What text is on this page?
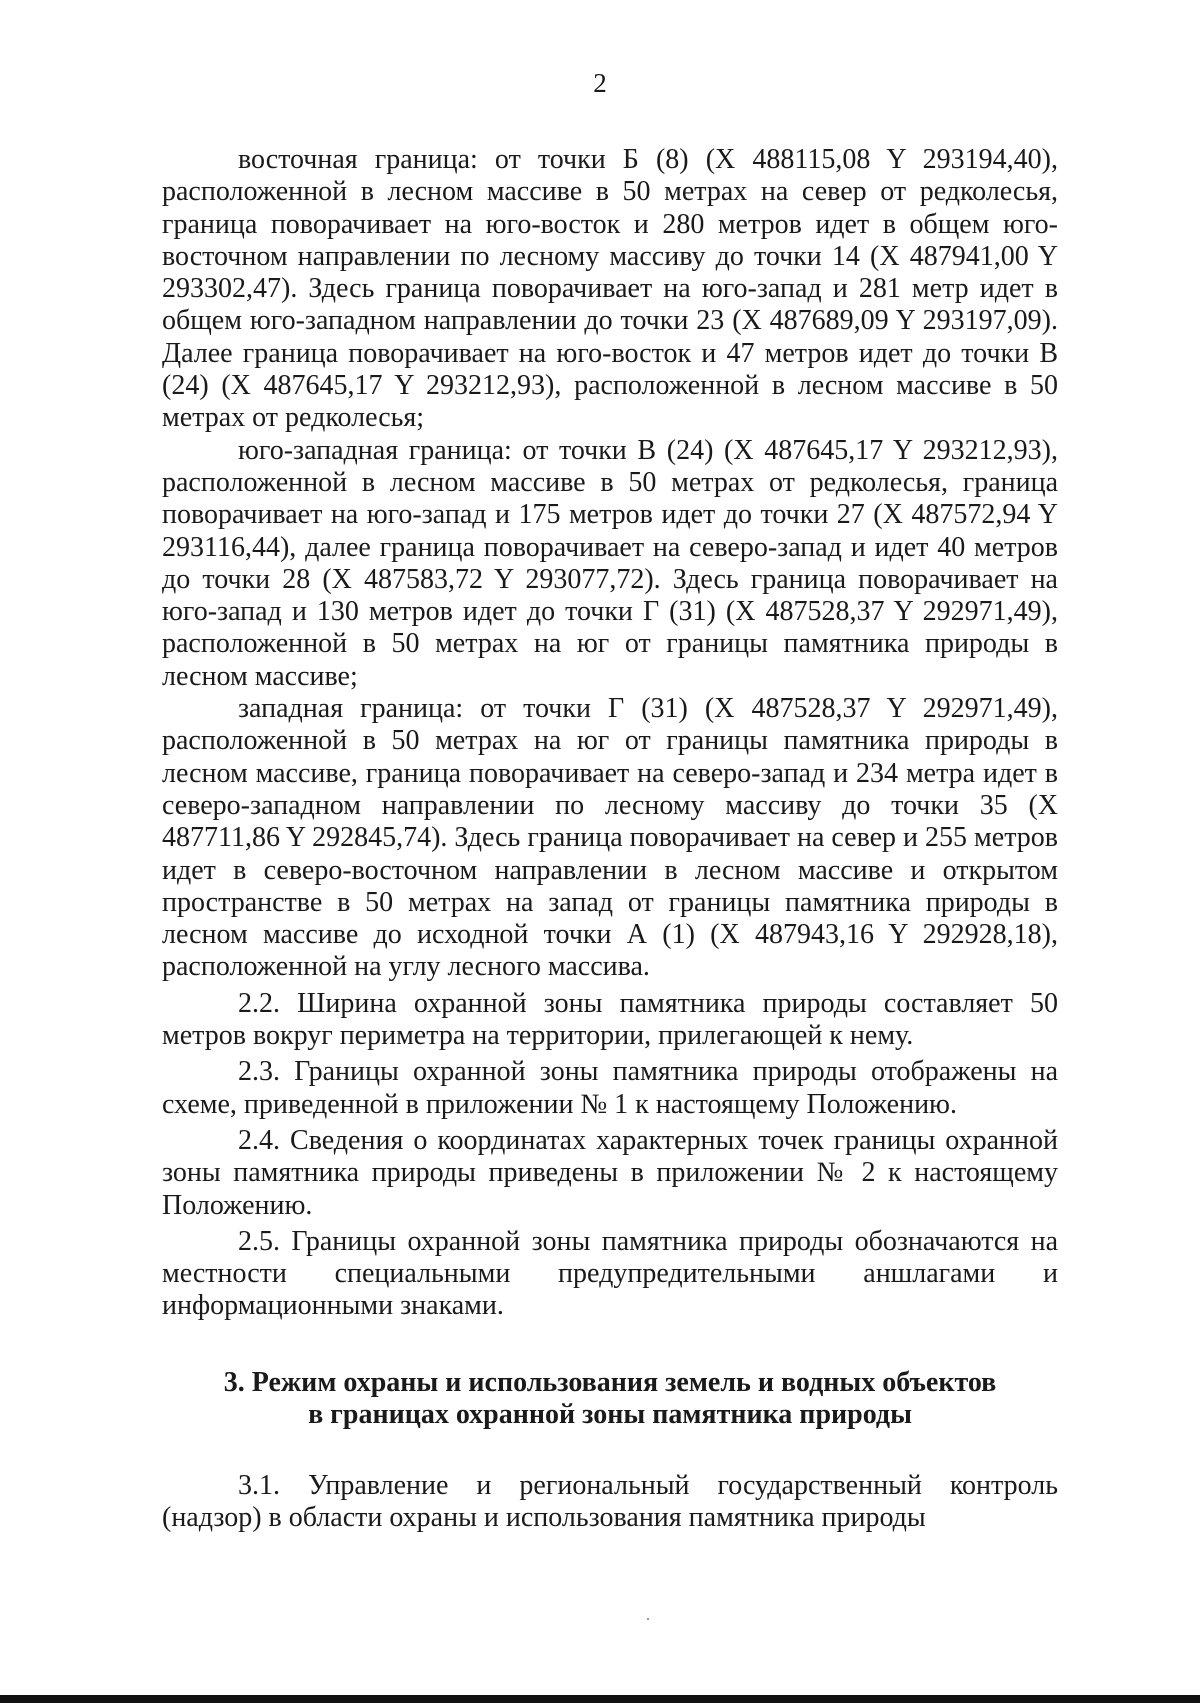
2

восточная граница: от точки Б (8) (X 488115,08 Y 293194,40), расположенной в лесном массиве в 50 метрах на север от редколесья, граница поворачивает на юго-восток и 280 метров идет в общем юго-восточном направлении по лесному массиву до точки 14 (X 487941,00 Y 293302,47). Здесь граница поворачивает на юго-запад и 281 метр идет в общем юго-западном направлении до точки 23 (X 487689,09 Y 293197,09). Далее граница поворачивает на юго-восток и 47 метров идет до точки В (24) (X 487645,17 Y 293212,93), расположенной в лесном массиве в 50 метрах от редколесья;

юго-западная граница: от точки В (24) (X 487645,17 Y 293212,93), расположенной в лесном массиве в 50 метрах от редколесья, граница поворачивает на юго-запад и 175 метров идет до точки 27 (X 487572,94 Y 293116,44), далее граница поворачивает на северо-запад и идет 40 метров до точки 28 (X 487583,72 Y 293077,72). Здесь граница поворачивает на юго-запад и 130 метров идет до точки Г (31) (X 487528,37 Y 292971,49), расположенной в 50 метрах на юг от границы памятника природы в лесном массиве;

западная граница: от точки Г (31) (X 487528,37 Y 292971,49), расположенной в 50 метрах на юг от границы памятника природы в лесном массиве, граница поворачивает на северо-запад и 234 метра идет в северо-западном направлении по лесному массиву до точки 35 (X 487711,86 Y 292845,74). Здесь граница поворачивает на север и 255 метров идет в северо-восточном направлении в лесном массиве и открытом пространстве в 50 метрах на запад от границы памятника природы в лесном массиве до исходной точки А (1) (X 487943,16 Y 292928,18), расположенной на углу лесного массива.

2.2. Ширина охранной зоны памятника природы составляет 50 метров вокруг периметра на территории, прилегающей к нему.

2.3. Границы охранной зоны памятника природы отображены на схеме, приведенной в приложении № 1 к настоящему Положению.

2.4. Сведения о координатах характерных точек границы охранной зоны памятника природы приведены в приложении № 2 к настоящему Положению.

2.5. Границы охранной зоны памятника природы обозначаются на местности специальными предупредительными аншлагами и информационными знаками.

3. Режим охраны и использования земель и водных объектов
в границах охранной зоны памятника природы

3.1. Управление и региональный государственный контроль (надзор) в области охраны и использования памятника природы
